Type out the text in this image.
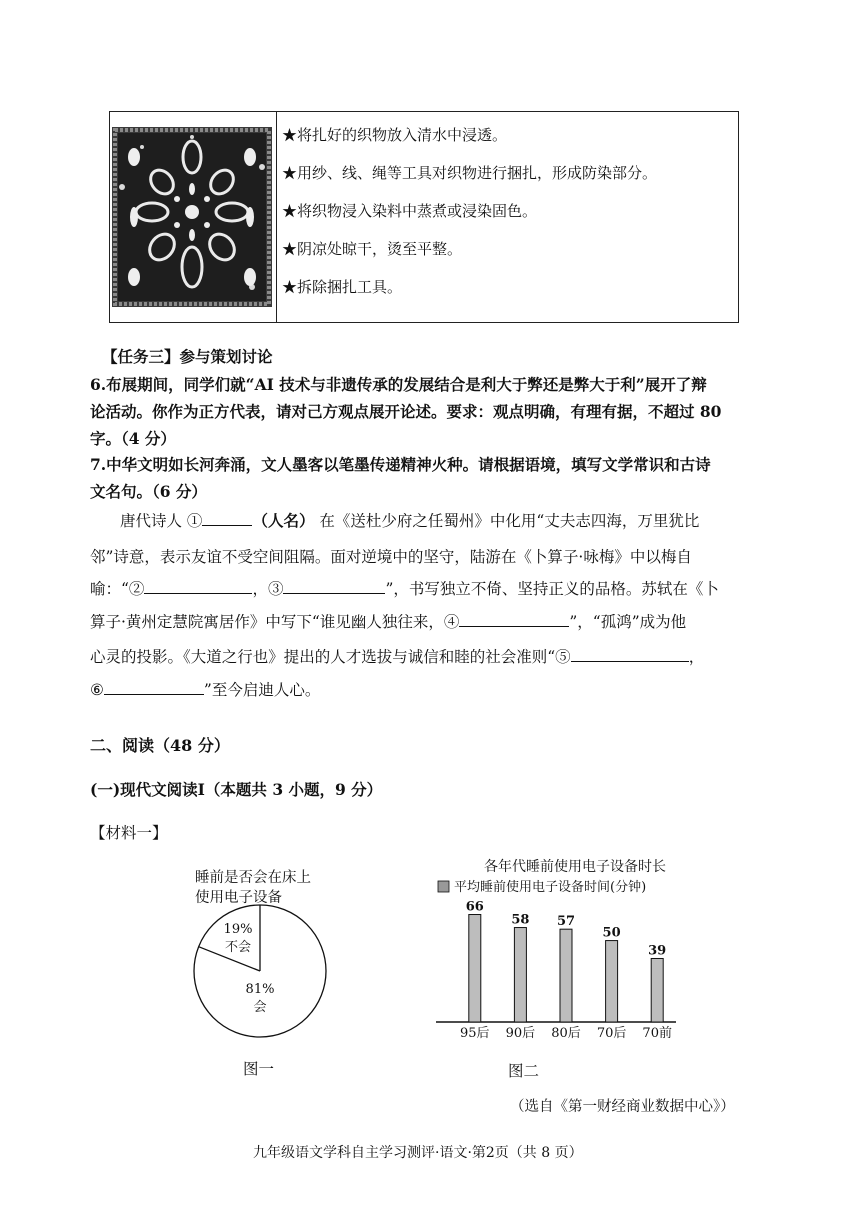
★将扎好的织物放入清水中浸透。
★用纱、线、绳等工具对织物进行捆扎，形成防染部分。
★将织物浸入染料中蒸煮或浸染固色。
★阴凉处晾干，烫至平整。
★拆除捆扎工具。
【任务三】参与策划讨论
6.布展期间，同学们就“AI 技术与非遗传承的发展结合是利大于弊还是弊大于利”展开了辩
论活动。你作为正方代表，请对己方观点展开论述。要求：观点明确，有理有据，不超过 80
字。（4 分）
7.中华文明如长河奔涌，文人墨客以笔墨传递精神火种。请根据语境，填写文学常识和古诗
文名句。（6 分）
唐代诗人 ①	（人名） 在《送杜少府之任蜀州》中化用“丈夫志四海，万里犹比
邻”诗意，表示友谊不受空间阻隔。面对逆境中的坚守，陆游在《卜算子·咏梅》中以梅自
喻：“②	，③	”，书写独立不倚、坚持正义的品格。苏轼在《卜
算子·黄州定慧院寓居作》中写下“谁见幽人独往来，④	”，“孤鸿”成为他
心灵的投影。《大道之行也》提出的人才选拔与诚信和睦的社会准则“⑤	，
⑥	”至今启迪人心。
二、阅读（48 分）
(一)现代文阅读Ⅰ（本题共 3 小题，9 分）
【材料一】
睡前是否会在床上
使用电子设备
19%
不会
81%
会
各年代睡前使用电子设备时长
平均睡前使用电子设备时间(分钟)
66
95后
58
90后
57
80后
50
70后
39
70前
图一	图二
（选自《第一财经商业数据中心》）
九年级语文学科自主学习测评·语文·第2页（共 8 页）
